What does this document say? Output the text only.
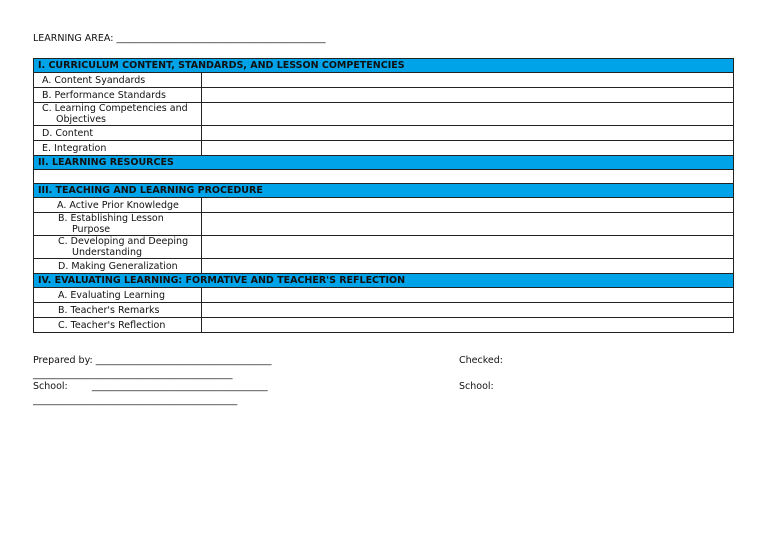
LEARNING AREA: ____________________________________________
I. CURRICULUM CONTENT, STANDARDS, AND LESSON COMPETENCIES	

A. Content Syandards	

B. Performance Standards	

C. Learning Competencies and Objectives	

D. Content	

E. Integration	

II. LEARNING RESOURCES	

III. TEACHING AND LEARNING PROCEDURE	

A. Active Prior Knowledge	

B. Establishing Lesson Purpose	

C. Developing and Deeping Understanding	

D. Making Generalization	

IV. EVALUATING LEARNING: FORMATIVE AND TEACHER'S REFLECTION	

A. Evaluating Learning	

B. Teacher's Remarks	

C. Teacher's Reflection	

Prepared by: _____________________________________
__________________________________________
Checked:
School:        _____________________________________
___________________________________________
School:
